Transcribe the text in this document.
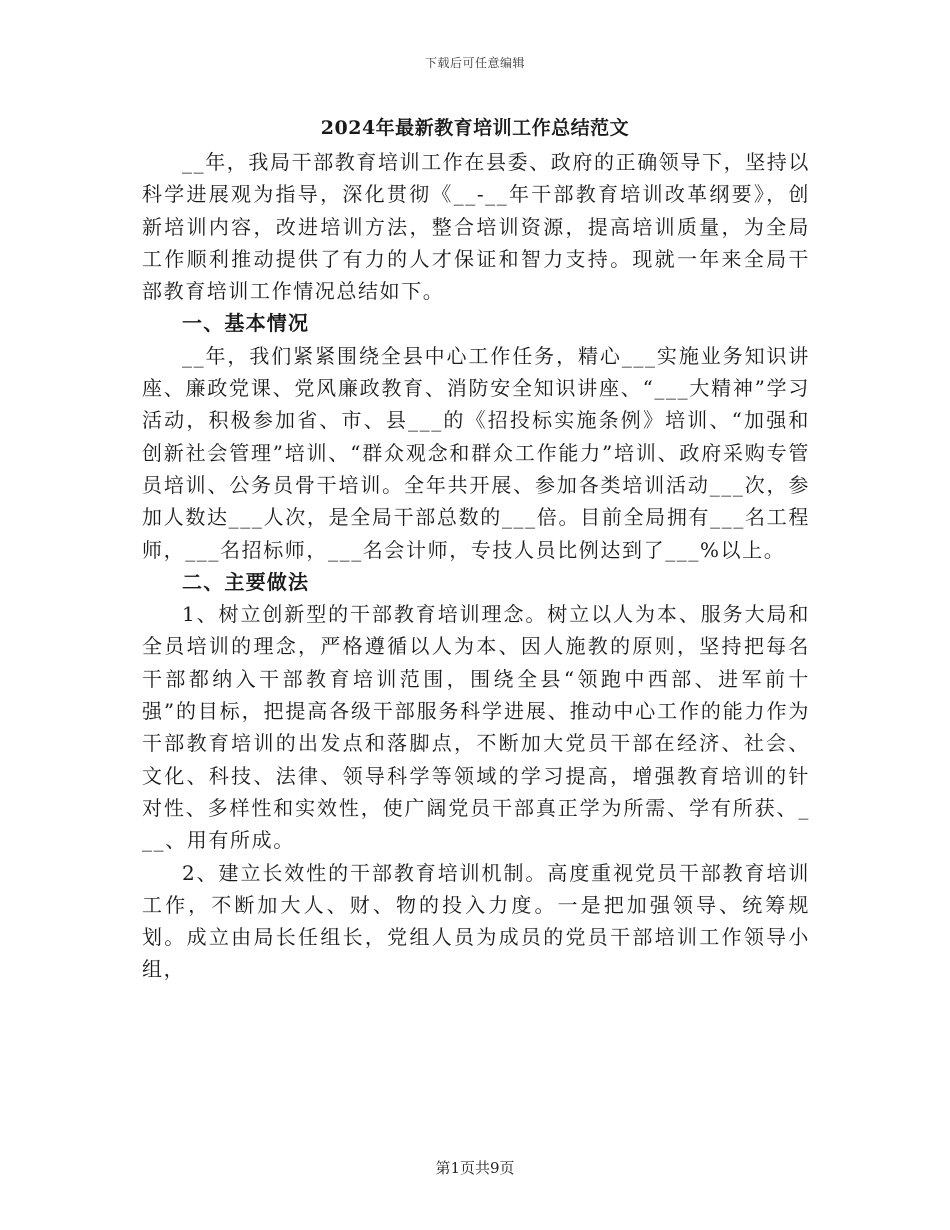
下载后可任意编辑
2024年最新教育培训工作总结范文

__年，我局干部教育培训工作在县委、政府的正确领导下，坚持以科学进展观为指导，深化贯彻《__-__年干部教育培训改革纲要》，创新培训内容，改进培训方法，整合培训资源，提高培训质量，为全局工作顺利推动提供了有力的人才保证和智力支持。现就一年来全局干部教育培训工作情况总结如下。

一、基本情况

__年，我们紧紧围绕全县中心工作任务，精心___实施业务知识讲座、廉政党课、党风廉政教育、消防安全知识讲座、“___大精神”学习活动，积极参加省、市、县___的《招投标实施条例》培训、“加强和创新社会管理”培训、“群众观念和群众工作能力”培训、政府采购专管员培训、公务员骨干培训。全年共开展、参加各类培训活动___次，参加人数达___人次，是全局干部总数的___倍。目前全局拥有___名工程师，___名招标师，___名会计师，专技人员比例达到了___%以上。

二、主要做法

1、树立创新型的干部教育培训理念。树立以人为本、服务大局和全员培训的理念，严格遵循以人为本、因人施教的原则，坚持把每名干部都纳入干部教育培训范围，围绕全县“领跑中西部、进军前十强”的目标，把提高各级干部服务科学进展、推动中心工作的能力作为干部教育培训的出发点和落脚点，不断加大党员干部在经济、社会、文化、科技、法律、领导科学等领域的学习提高，增强教育培训的针对性、多样性和实效性，使广阔党员干部真正学为所需、学有所获、___、用有所成。

2、建立长效性的干部教育培训机制。高度重视党员干部教育培训工作，不断加大人、财、物的投入力度。一是把加强领导、统筹规划。成立由局长任组长，党组人员为成员的党员干部培训工作领导小组，

第1页共9页
